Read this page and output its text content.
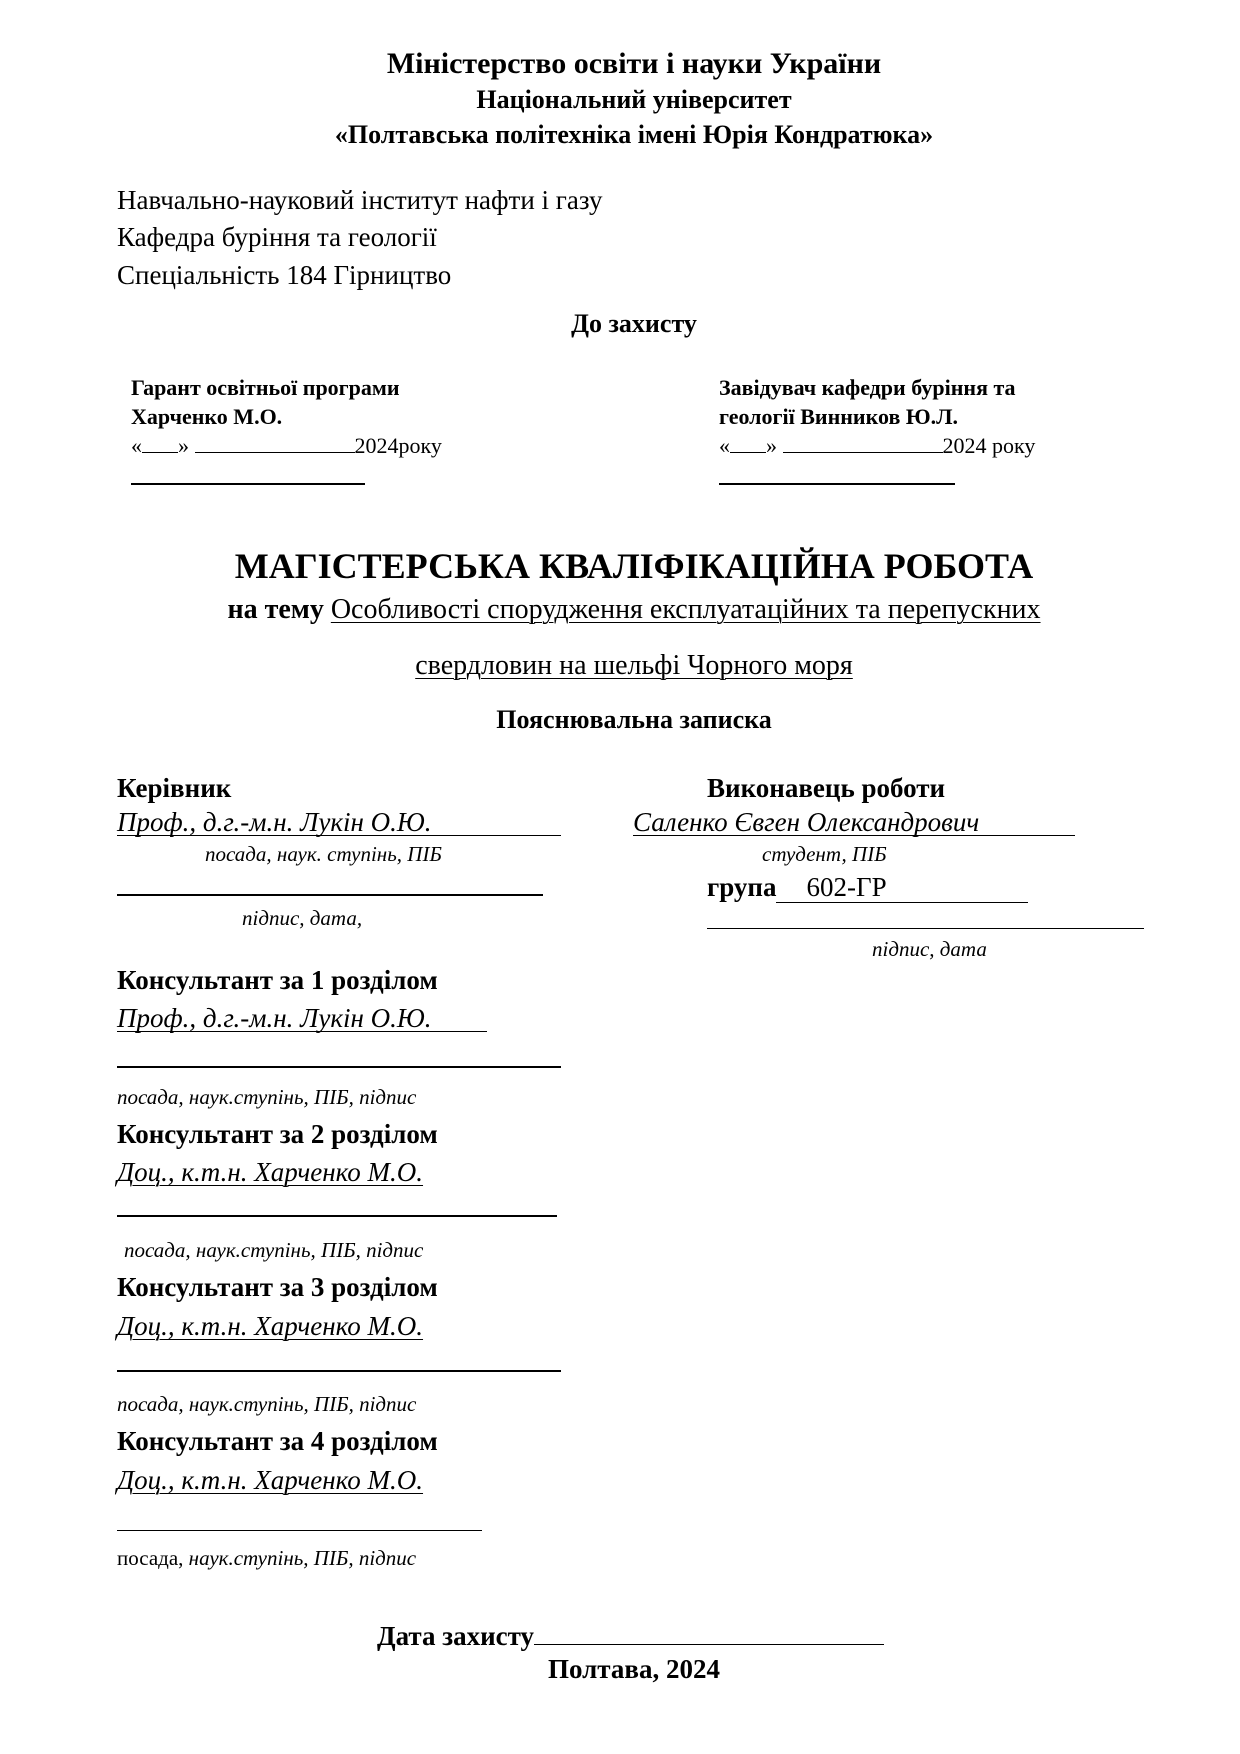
Міністерство освіти і науки України
Національний університет
«Полтавська політехніка імені Юрія Кондратюка»
Навчально-науковий інститут нафти і газу
Кафедра буріння та геології
Спеціальність 184 Гірництво
До захисту
Гарант освітньої програми
Харченко М.О.
« »	2024року
Завідувач кафедри буріння та
геології Винников Ю.Л.
« »	2024 року
МАГІСТЕРСЬКА КВАЛІФІКАЦІЙНА РОБОТА
на тему Особливості спорудження експлуатаційних та перепускних
свердловин на шельфі Чорного моря
Пояснювальна записка
Керівник
Проф., д.г.-м.н. Лукін О.Ю.
посада, наук. ступінь, ПІБ
підпис, дата,
Виконавець роботи
Саленко Євген Олександрович
студент, ПІБ
група 602-ГР
підпис, дата
Консультант за 1 розділом
Проф., д.г.-м.н. Лукін О.Ю.
посада, наук.ступінь, ПІБ, підпис
Консультант за 2 розділом
Доц., к.т.н. Харченко М.О.
посада, наук.ступінь, ПІБ, підпис
Консультант за 3 розділом
Доц., к.т.н. Харченко М.О.
посада, наук.ступінь, ПІБ, підпис
Консультант за 4 розділом
Доц., к.т.н. Харченко М.О.
посада, наук.ступінь, ПІБ, підпис
Дата захисту
Полтава, 2024
